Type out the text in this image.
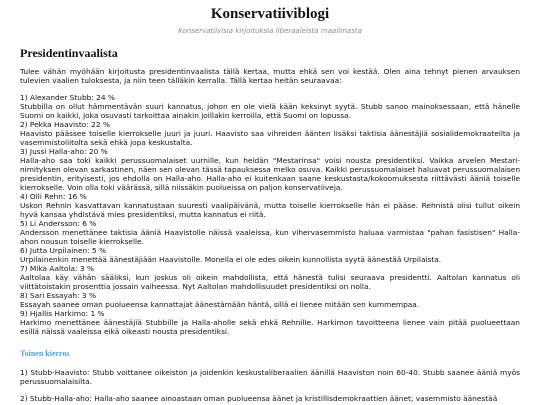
Konservatiiviblogi
Konservatiivisia kirjoituksia liberaaleista maailmasta
Presidentinvaalista

Tulee vähän myöhään kirjoitusta presidentinvaalista tällä kertaa, mutta ehkä sen voi kestää. Olen aina tehnyt pienen arvauksen tulevien vaalien tuloksesta, ja niin teen tälläkin kerralla. Tällä kertaa heitän seuraavaa:

1) Alexander Stubb: 24 %
Stubbilla on ollut hämmentävän suuri kannatus, johon en ole vielä kään keksinyt syytä. Stubb sanoo mainoksessaan, että hänelle Suomi on kaikki, joka osuvasti tarkoittaa ainakin joillakin kerroilla, että Suomi on lopussa.
2) Pekka Haavisto: 22 %
Haavisto päässee toiselle kierrokselle juuri ja juuri. Haavisto saa vihreiden äänten lisäksi taktisia äänestäjiä sosialidemokraateilta ja vasemmistoliitolta sekä ehkä jopa keskustalta.
3) Jussi Halla-aho: 20 %
Halla-aho saa toki kaikki perussuomalaiset uurnille, kun heidän "Mestarinsa" voisi nousta presidentiksi. Vaikka arvelen Mestari-nimityksen olevan sarkastinen, näen sen olevan tässä tapauksessa melko osuva. Kaikki perussuomalaiset haluavat perussuomalaisen presidentin, erityisesti, jos ehdolla on Halla-aho. Halla-aho ei kuitenkaan saane keskustasta/kokoomuksesta riittävästi ääniä toiselle kierrokselle. Voin olla toki väärässä, sillä niissäkin puolueissa on paljon konservatiiveja.
4) Olli Rehn: 16 %
Uskon Rehnin kasvattavan kannatustaan suuresti vaalipäivänä, mutta toiselle kierrokselle hän ei pääse. Rehnistä olisi tullut oikein hyvä kansaa yhdistävä mies presidentiksi, mutta kannatus ei riitä.
5) Li Andersson: 6 %
Andersson menettänee taktisia ääniä Haavistolle näissä vaaleissa, kun vihervasemmisto haluaa varmistaa "pahan fasistisen" Halla-ahon nousun toiselle kierrokselle.
6) Jutta Urpilainen: 5 %
Urpilainenkin menettää äänestäjiään Haavistolle. Monella ei ole edes oikein kunnollista syytä äänestää Urpilaista.
7) Mika Aaltola: 3 %
Aaltolaa käy vähän sääliksi, kun joskus oli oikein mahdollista, että hänestä tulisi seuraava presidentti. Aaltolan kannatus oli viittätoistakin prosenttia jossain vaiheessa. Nyt Aaltolan mahdollisuudet presidentiksi on nolla.
8) Sari Essayah: 3 %
Essayah saanee oman puolueensa kannattajat äänestämään häntä, sillä ei lienee mitään sen kummempaa.
9) Hjallis Harkimo: 1 %
Harkimo menettänee äänestäjiä Stubbille ja Halla-aholle sekä ehkä Rehnille. Harkimon tavoitteena lienee vain pitää puolueettaan esillä näissä vaaleissa eikä oikeasti nousta presidentiksi.

Toinen kierros

1) Stubb-Haavisto: Stubb voittanee oikeiston ja joidenkin keskustaliberaalien äänillä Haaviston noin 60-40. Stubb saanee ääniä myös perussuomalaisilta.

2) Stubb-Halla-aho: Halla-aho saanee ainoastaan oman puolueensa äänet ja kristillisdemokraattien äänet; vasemmisto äänestää
